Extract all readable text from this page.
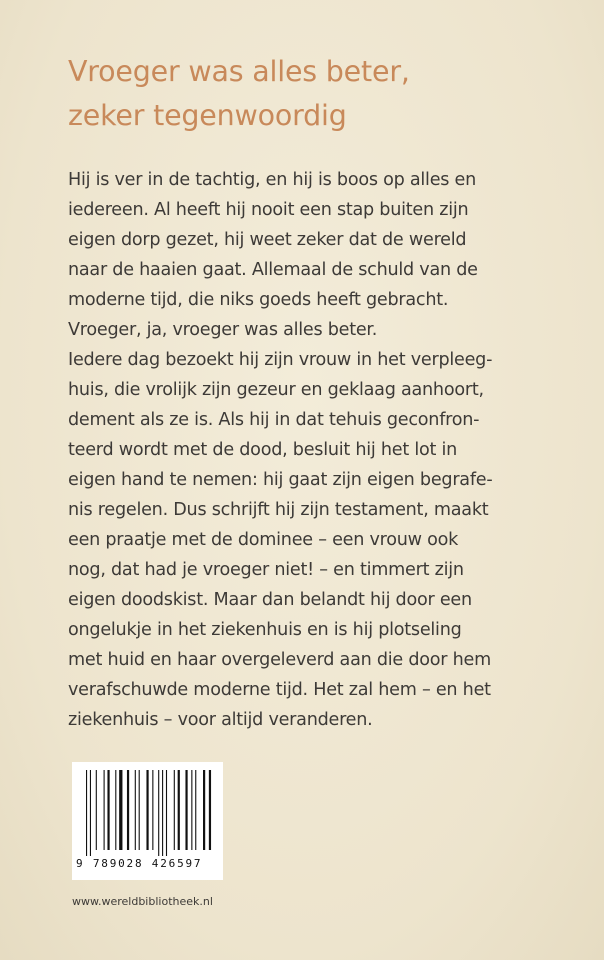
Vroeger was alles beter,
zeker tegenwoordig
Hij is ver in de tachtig, en hij is boos op alles en
iedereen. Al heeft hij nooit een stap buiten zijn
eigen dorp gezet, hij weet zeker dat de wereld
naar de haaien gaat. Allemaal de schuld van de
moderne tijd, die niks goeds heeft gebracht.
Vroeger, ja, vroeger was alles beter.
Iedere dag bezoekt hij zijn vrouw in het verpleeg-
huis, die vrolijk zijn gezeur en geklaag aanhoort,
dement als ze is. Als hij in dat tehuis geconfron-
teerd wordt met de dood, besluit hij het lot in
eigen hand te nemen: hij gaat zijn eigen begrafe-
nis regelen. Dus schrijft hij zijn testament, maakt
een praatje met de dominee – een vrouw ook
nog, dat had je vroeger niet! – en timmert zijn
eigen doodskist. Maar dan belandt hij door een
ongelukje in het ziekenhuis en is hij plotseling
met huid en haar overgeleverd aan die door hem
verafschuwde moderne tijd. Het zal hem – en het
ziekenhuis – voor altijd veranderen.
9 789028 426597
www.wereldbibliotheek.nl
